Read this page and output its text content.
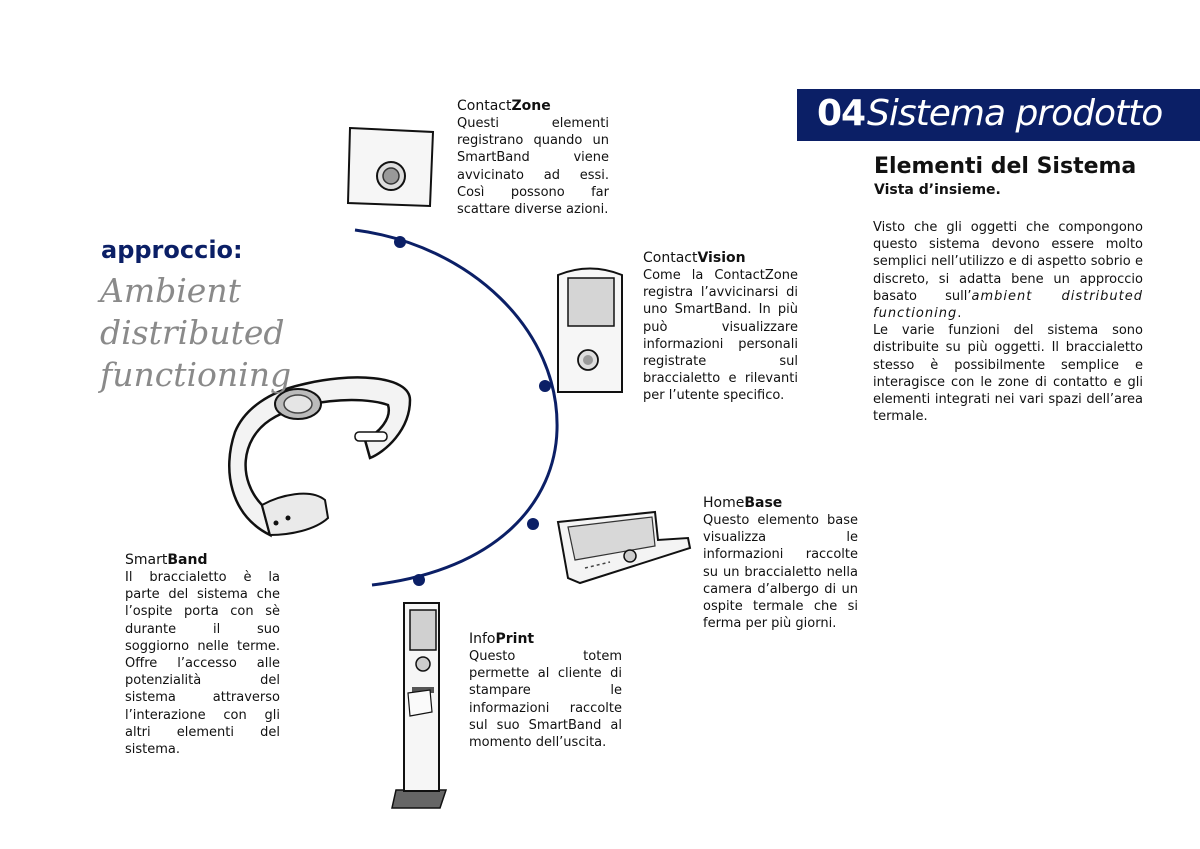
04 Sistema prodotto
Elementi del Sistema
Vista d’insieme.
Visto che gli oggetti che compongono questo sistema devono essere molto semplici nell’utilizzo e di aspetto sobrio e discreto, si adatta bene un approccio basato sull’ambient distributed functioning.
Le varie funzioni del sistema sono distribuite su più oggetti. Il braccialetto stesso è possibilmente semplice e interagisce con le zone di contatto e gli elementi integrati nei vari spazi dell’area termale.
approccio:
Ambient distributed
functioning
ContactZone
Questi elementi registrano quando un SmartBand viene avvicinato ad essi. Così possono far scattare diverse azioni.
ContactVision
Come la ContactZone registra l’avvicinarsi di uno SmartBand. In più può visualizzare informazioni personali registrate sul braccialetto e rilevanti per l’utente specifico.
HomeBase
Questo elemento base visualizza le informazioni raccolte su un braccialetto nella camera d’albergo di un ospite termale che si ferma per più giorni.
InfoPrint
Questo totem permette al cliente di stampare le informazioni raccolte sul suo SmartBand al momento dell’uscita.
SmartBand
Il braccialetto è la parte del sistema che l’ospite porta con sè durante il suo soggiorno nelle terme. Offre l’accesso alle potenzialità del sistema attraverso l’interazione con gli altri elementi del sistema.
